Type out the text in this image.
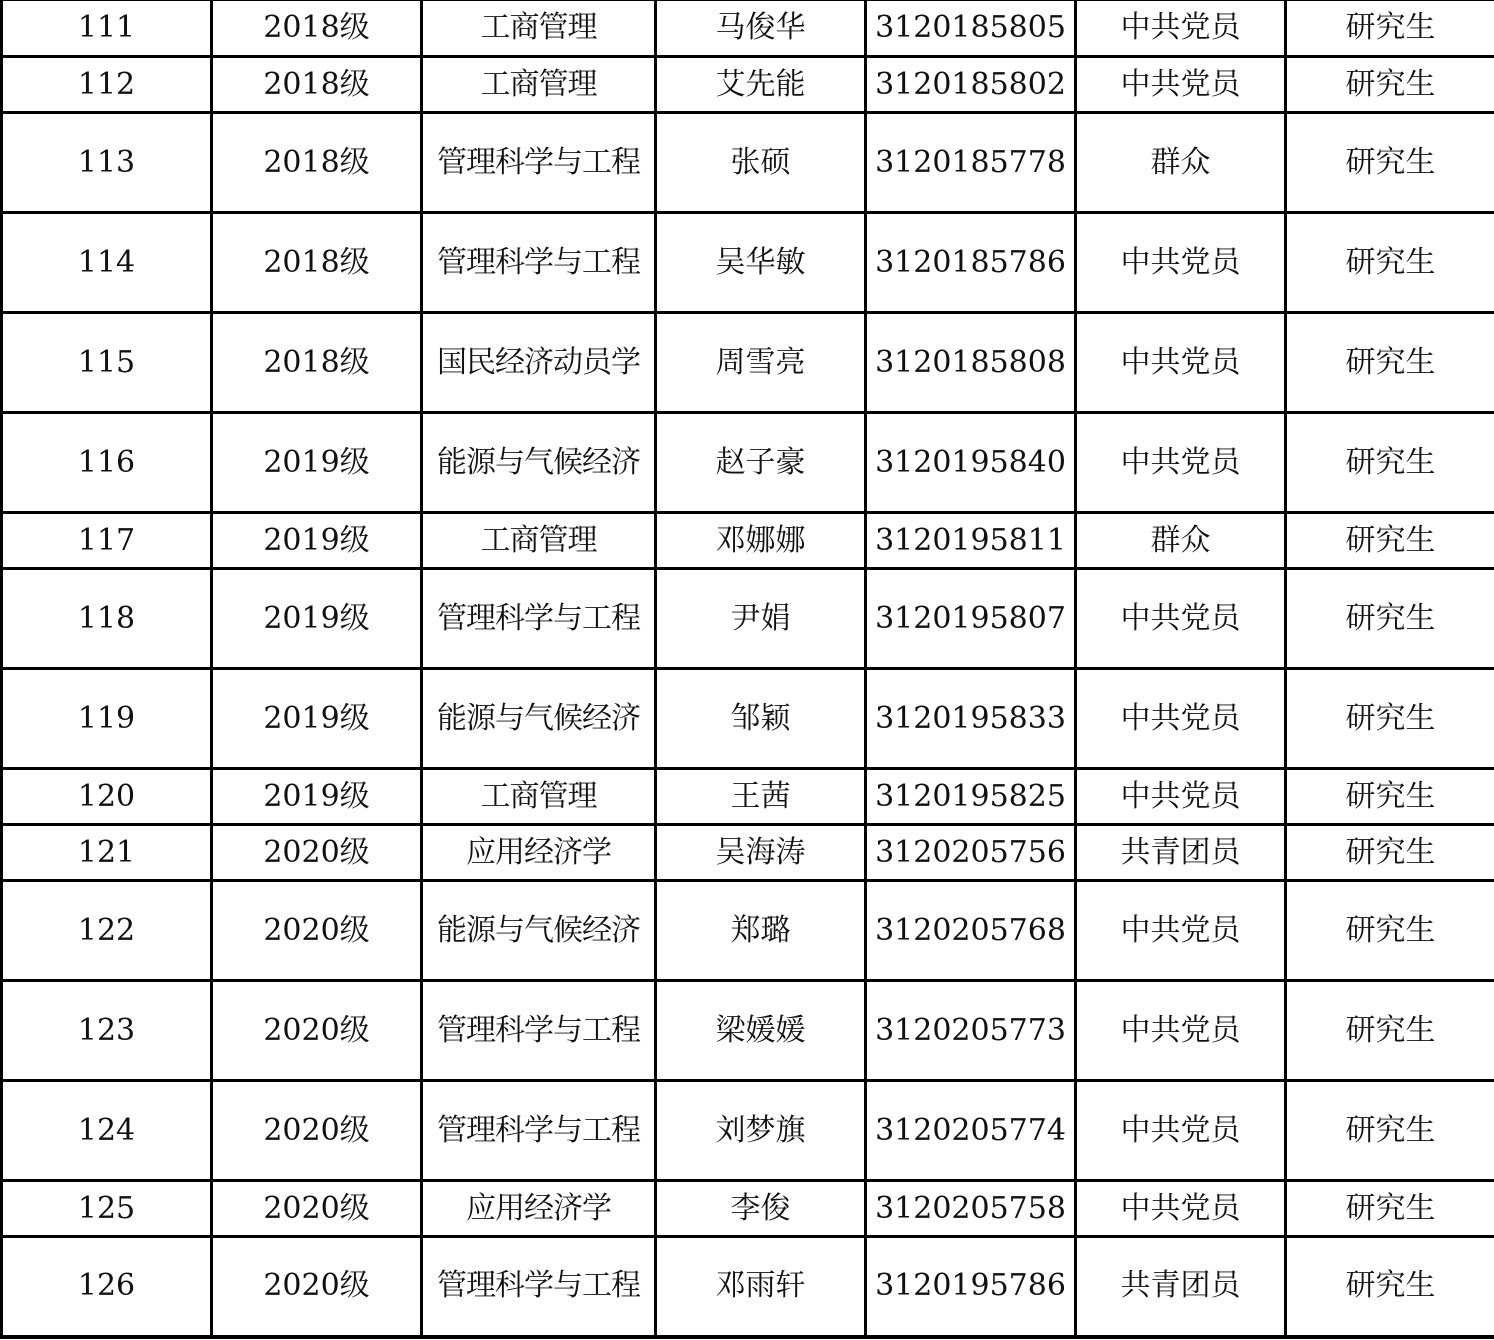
111	2018级	工商管理	马俊华	3120185805	中共党员	研究生
112	2018级	工商管理	艾先能	3120185802	中共党员	研究生
113	2018级	管理科学与工程	张硕	3120185778	群众	研究生
114	2018级	管理科学与工程	吴华敏	3120185786	中共党员	研究生
115	2018级	国民经济动员学	周雪亮	3120185808	中共党员	研究生
116	2019级	能源与气候经济	赵子豪	3120195840	中共党员	研究生
117	2019级	工商管理	邓娜娜	3120195811	群众	研究生
118	2019级	管理科学与工程	尹娟	3120195807	中共党员	研究生
119	2019级	能源与气候经济	邹颖	3120195833	中共党员	研究生
120	2019级	工商管理	王茜	3120195825	中共党员	研究生
121	2020级	应用经济学	吴海涛	3120205756	共青团员	研究生
122	2020级	能源与气候经济	郑璐	3120205768	中共党员	研究生
123	2020级	管理科学与工程	梁媛媛	3120205773	中共党员	研究生
124	2020级	管理科学与工程	刘梦旗	3120205774	中共党员	研究生
125	2020级	应用经济学	李俊	3120205758	中共党员	研究生
126	2020级	管理科学与工程	邓雨轩	3120195786	共青团员	研究生
